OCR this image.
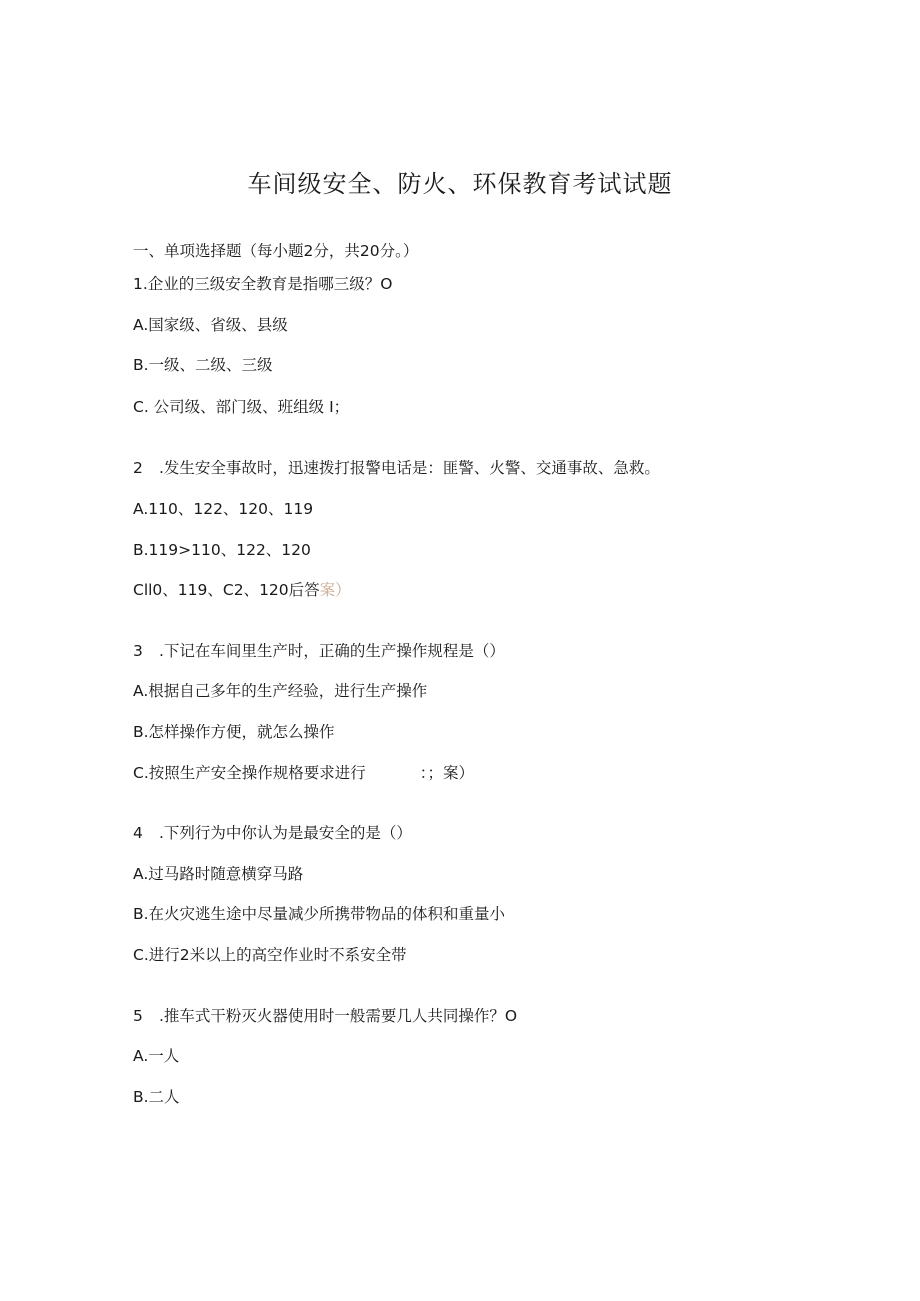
车间级安全、防火、环保教育考试试题

一、单项选择题（每小题2分，共20分。）

1.企业的三级安全教育是指哪三级？O

A.国家级、省级、县级

B.一级、二级、三级

C. 公司级、部门级、班组级 I；

2 .发生安全事故时，迅速拨打报警电话是：匪警、火警、交通事故、急救。

A.110、122、120、119

B.119>110、122、120

Cll0、119、C2、120后答案）

3 .下记在车间里生产时，正确的生产操作规程是（）

A.根据自己多年的生产经验，进行生产操作

B.怎样操作方便，就怎么操作

C.按照生产安全操作规格要求进行	：；案）

4 .下列行为中你认为是最安全的是（）

A.过马路时随意横穿马路

B.在火灾逃生途中尽量减少所携带物品的体积和重量小

C.进行2米以上的高空作业时不系安全带

5 .推车式干粉灭火器使用时一般需要几人共同操作？O

A.一人

B.二人
